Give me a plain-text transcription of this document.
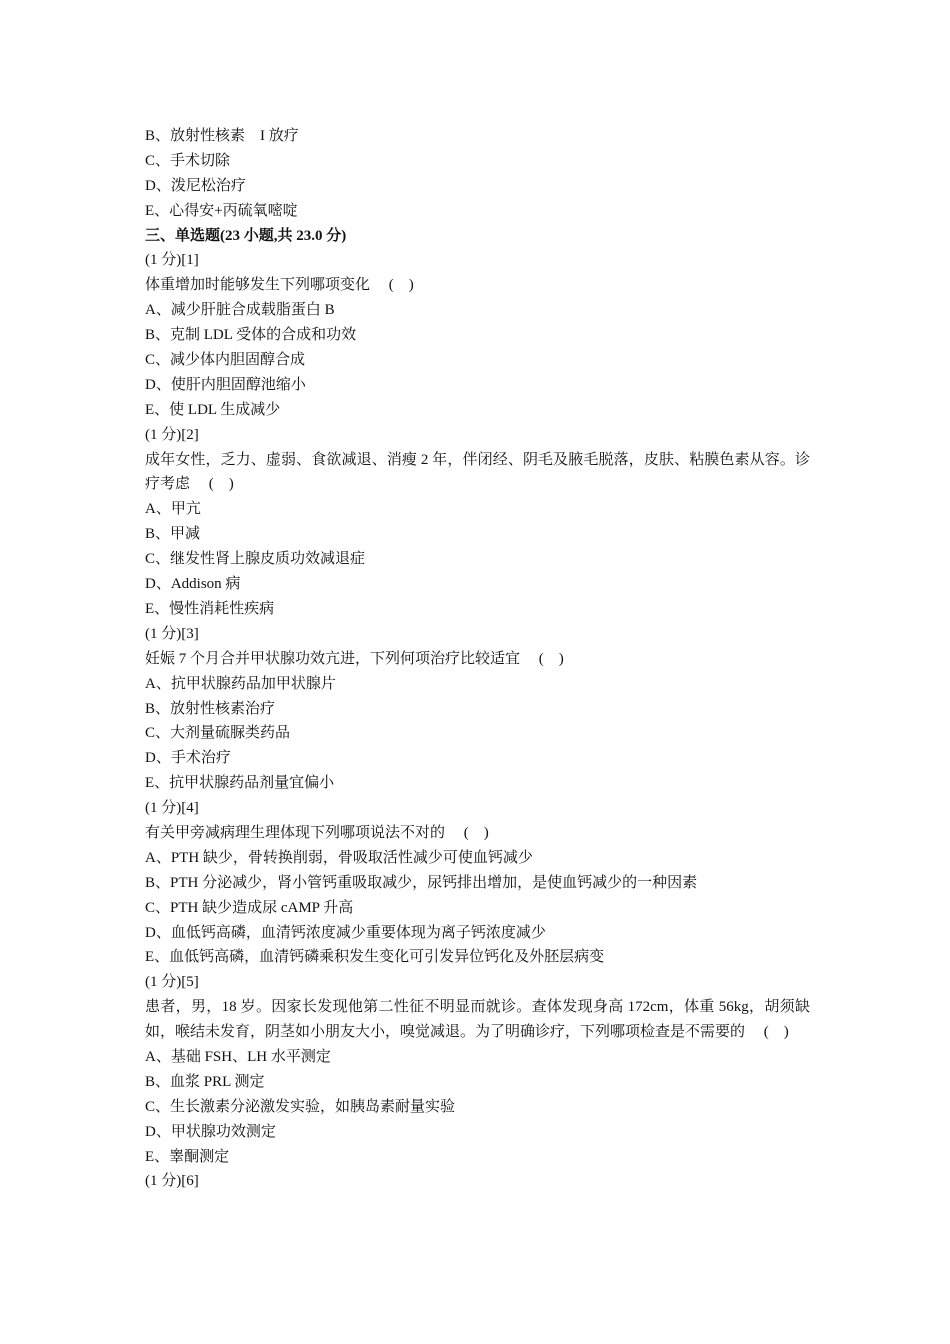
B、放射性核素　I 放疗
C、手术切除
D、泼尼松治疗
E、心得安+丙硫氧嘧啶
三、单选题(23 小题,共 23.0 分)
(1 分)[1]
体重增加时能够发生下列哪项变化　 (　)
A、减少肝脏合成载脂蛋白 B
B、克制 LDL 受体的合成和功效
C、减少体内胆固醇合成
D、使肝内胆固醇池缩小
E、使 LDL 生成减少
(1 分)[2]
成年女性，乏力、虚弱、食欲减退、消瘦 2 年，伴闭经、阴毛及腋毛脱落，皮肤、粘膜色素从容。诊疗考虑　 (　)
A、甲亢
B、甲减
C、继发性肾上腺皮质功效减退症
D、Addison 病
E、慢性消耗性疾病
(1 分)[3]
妊娠 7 个月合并甲状腺功效亢进，下列何项治疗比较适宜　 (　)
A、抗甲状腺药品加甲状腺片
B、放射性核素治疗
C、大剂量硫脲类药品
D、手术治疗
E、抗甲状腺药品剂量宜偏小
(1 分)[4]
有关甲旁减病理生理体现下列哪项说法不对的　 (　)
A、PTH 缺少，骨转换削弱，骨吸取活性减少可使血钙减少
B、PTH 分泌减少，肾小管钙重吸取减少，尿钙排出增加，是使血钙减少的一种因素
C、PTH 缺少造成尿 cAMP 升高
D、血低钙高磷，血清钙浓度减少重要体现为离子钙浓度减少
E、血低钙高磷，血清钙磷乘积发生变化可引发异位钙化及外胚层病变
(1 分)[5]
患者，男，18 岁。因家长发现他第二性征不明显而就诊。查体发现身高 172cm，体重 56kg，胡须缺如，喉结未发育，阴茎如小朋友大小，嗅觉减退。为了明确诊疗，下列哪项检查是不需要的　 (　)
A、基础 FSH、LH 水平测定
B、血浆 PRL 测定
C、生长激素分泌激发实验，如胰岛素耐量实验
D、甲状腺功效测定
E、睾酮测定
(1 分)[6]
